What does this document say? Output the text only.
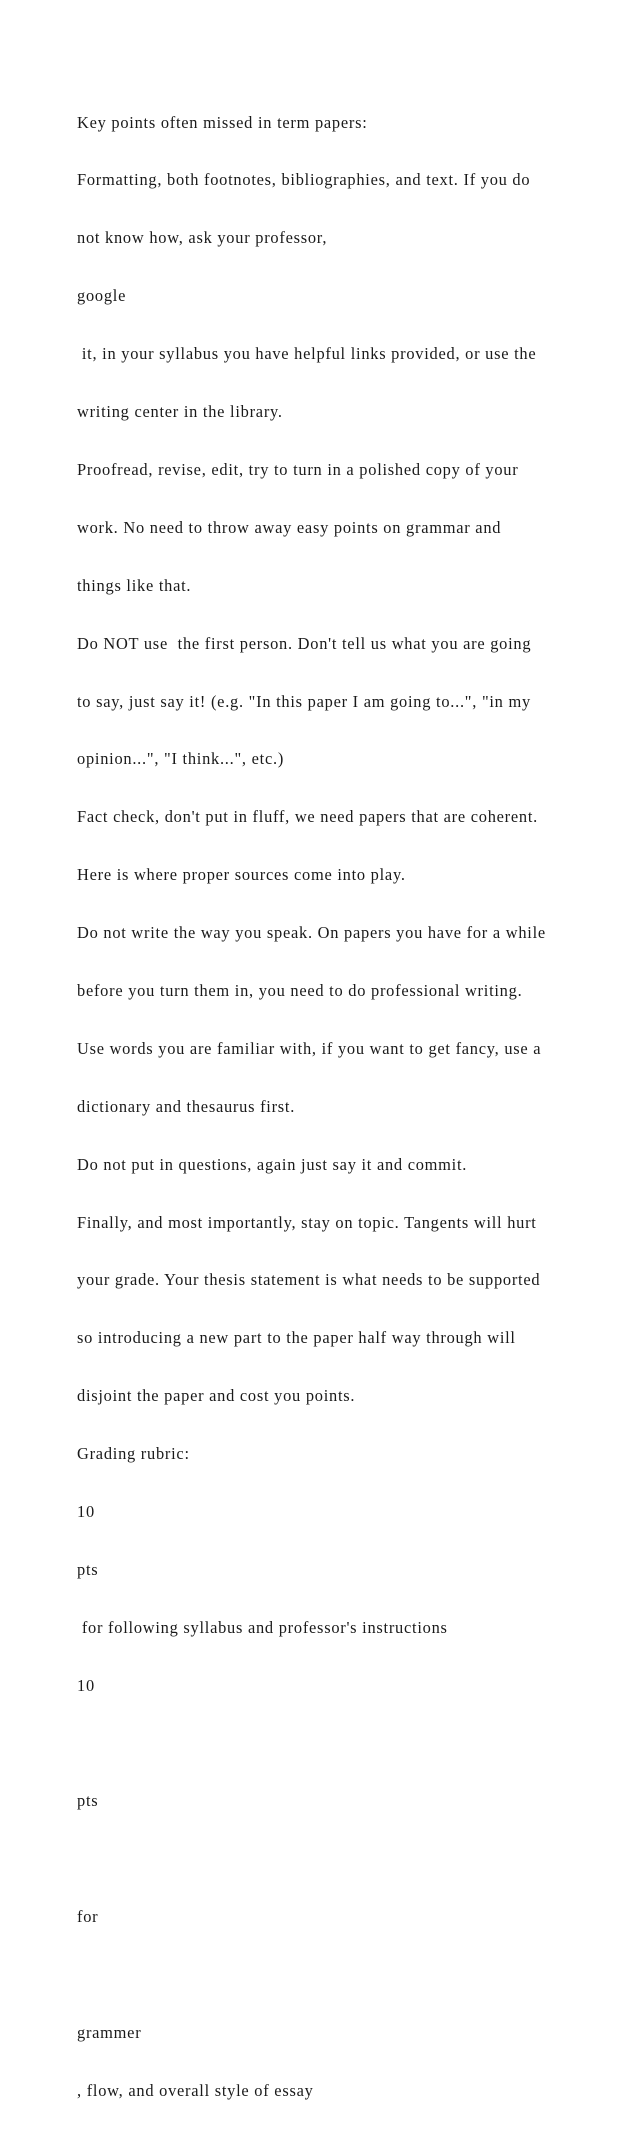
Key points often missed in term papers:

Formatting, both footnotes, bibliographies, and text. If you do

not know how, ask your professor,

google

it, in your syllabus you have helpful links provided, or use the

writing center in the library.

Proofread, revise, edit, try to turn in a polished copy of your

work. No need to throw away easy points on grammar and

things like that.

Do NOT use  the first person. Don't tell us what you are going

to say, just say it! (e.g. "In this paper I am going to...", "in my

opinion...", "I think...", etc.)

Fact check, don't put in fluff, we need papers that are coherent.

Here is where proper sources come into play.

Do not write the way you speak. On papers you have for a while

before you turn them in, you need to do professional writing.

Use words you are familiar with, if you want to get fancy, use a

dictionary and thesaurus first.

Do not put in questions, again just say it and commit.

Finally, and most importantly, stay on topic. Tangents will hurt

your grade. Your thesis statement is what needs to be supported

so introducing a new part to the paper half way through will

disjoint the paper and cost you points.

Grading rubric:

10

pts

for following syllabus and professor's instructions

10

pts

for

grammer

, flow, and overall style of essay
